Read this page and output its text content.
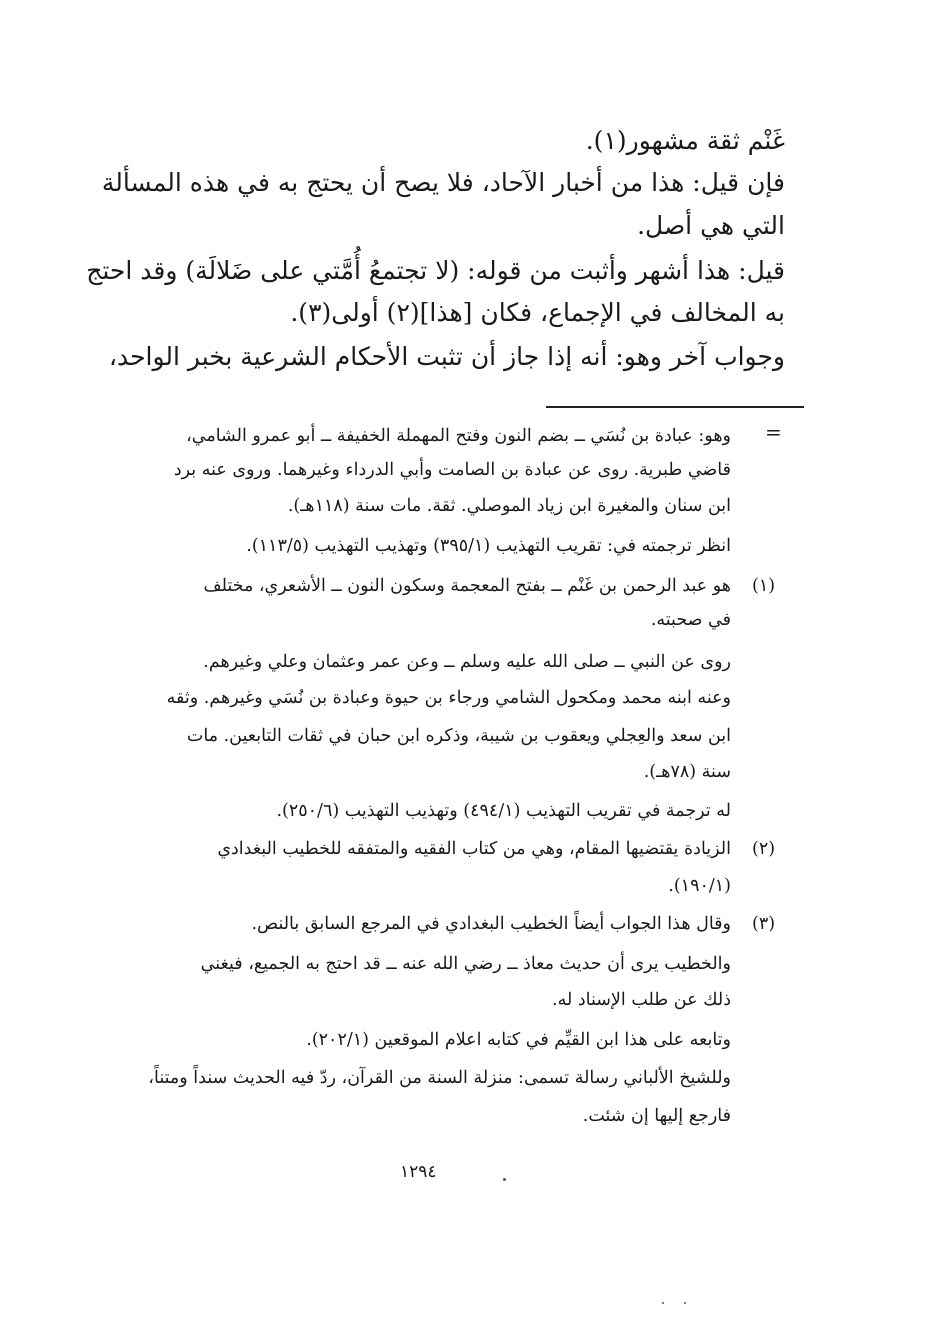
غَنْم ثقة مشهور(١).
فإن قيل: هذا من أخبار الآحاد، فلا يصح أن يحتج به في هذه المسألة
التي هي أصل.
قيل: هذا أشهر وأثبت من قوله: (لا تجتمعُ أُمَّتي على ضَلالَة) وقد احتج
به المخالف في الإجماع، فكان [هذا](٢) أولى(٣).
وجواب آخر وهو: أنه إذا جاز أن تثبت الأحكام الشرعية بخبر الواحد،
=
وهو: عبادة بن نُسَي ــ بضم النون وفتح المهملة الخفيفة ــ أبو عمرو الشامي،
قاضي طبرية. روى عن عبادة بن الصامت وأبي الدرداء وغيرهما. وروى عنه برد
ابن سنان والمغيرة ابن زياد الموصلي. ثقة. مات سنة (١١٨هـ).
انظر ترجمته في: تقريب التهذيب (٣٩٥/١) وتهذيب التهذيب (١١٣/٥).
(١)
هو عبد الرحمن بن غَنْم ــ بفتح المعجمة وسكون النون ــ الأشعري، مختلف
في صحبته.
روى عن النبي ــ صلى الله عليه وسلم ــ وعن عمر وعثمان وعلي وغيرهم.
وعنه ابنه محمد ومكحول الشامي ورجاء بن حيوة وعبادة بن نُسَي وغيرهم. وثقه
ابن سعد والعِجلي ويعقوب بن شيبة، وذكره ابن حبان في ثقات التابعين. مات
سنة (٧٨هـ).
له ترجمة في تقريب التهذيب (٤٩٤/١) وتهذيب التهذيب (٢٥٠/٦).
(٢)
الزيادة يقتضيها المقام، وهي من كتاب الفقيه والمتفقه للخطيب البغدادي
(١٩٠/١).
(٣)
وقال هذا الجواب أيضاً الخطيب البغدادي في المرجع السابق بالنص.
والخطيب يرى أن حديث معاذ ــ رضي الله عنه ــ قد احتج به الجميع، فيغني
ذلك عن طلب الإسناد له.
وتابعه على هذا ابن القيِّم في كتابه اعلام الموقعين (٢٠٢/١).
وللشيخ الألباني رسالة تسمى: منزلة السنة من القرآن، ردّ فيه الحديث سنداً ومتناً،
فارجع إليها إن شئت.
١٢٩٤
